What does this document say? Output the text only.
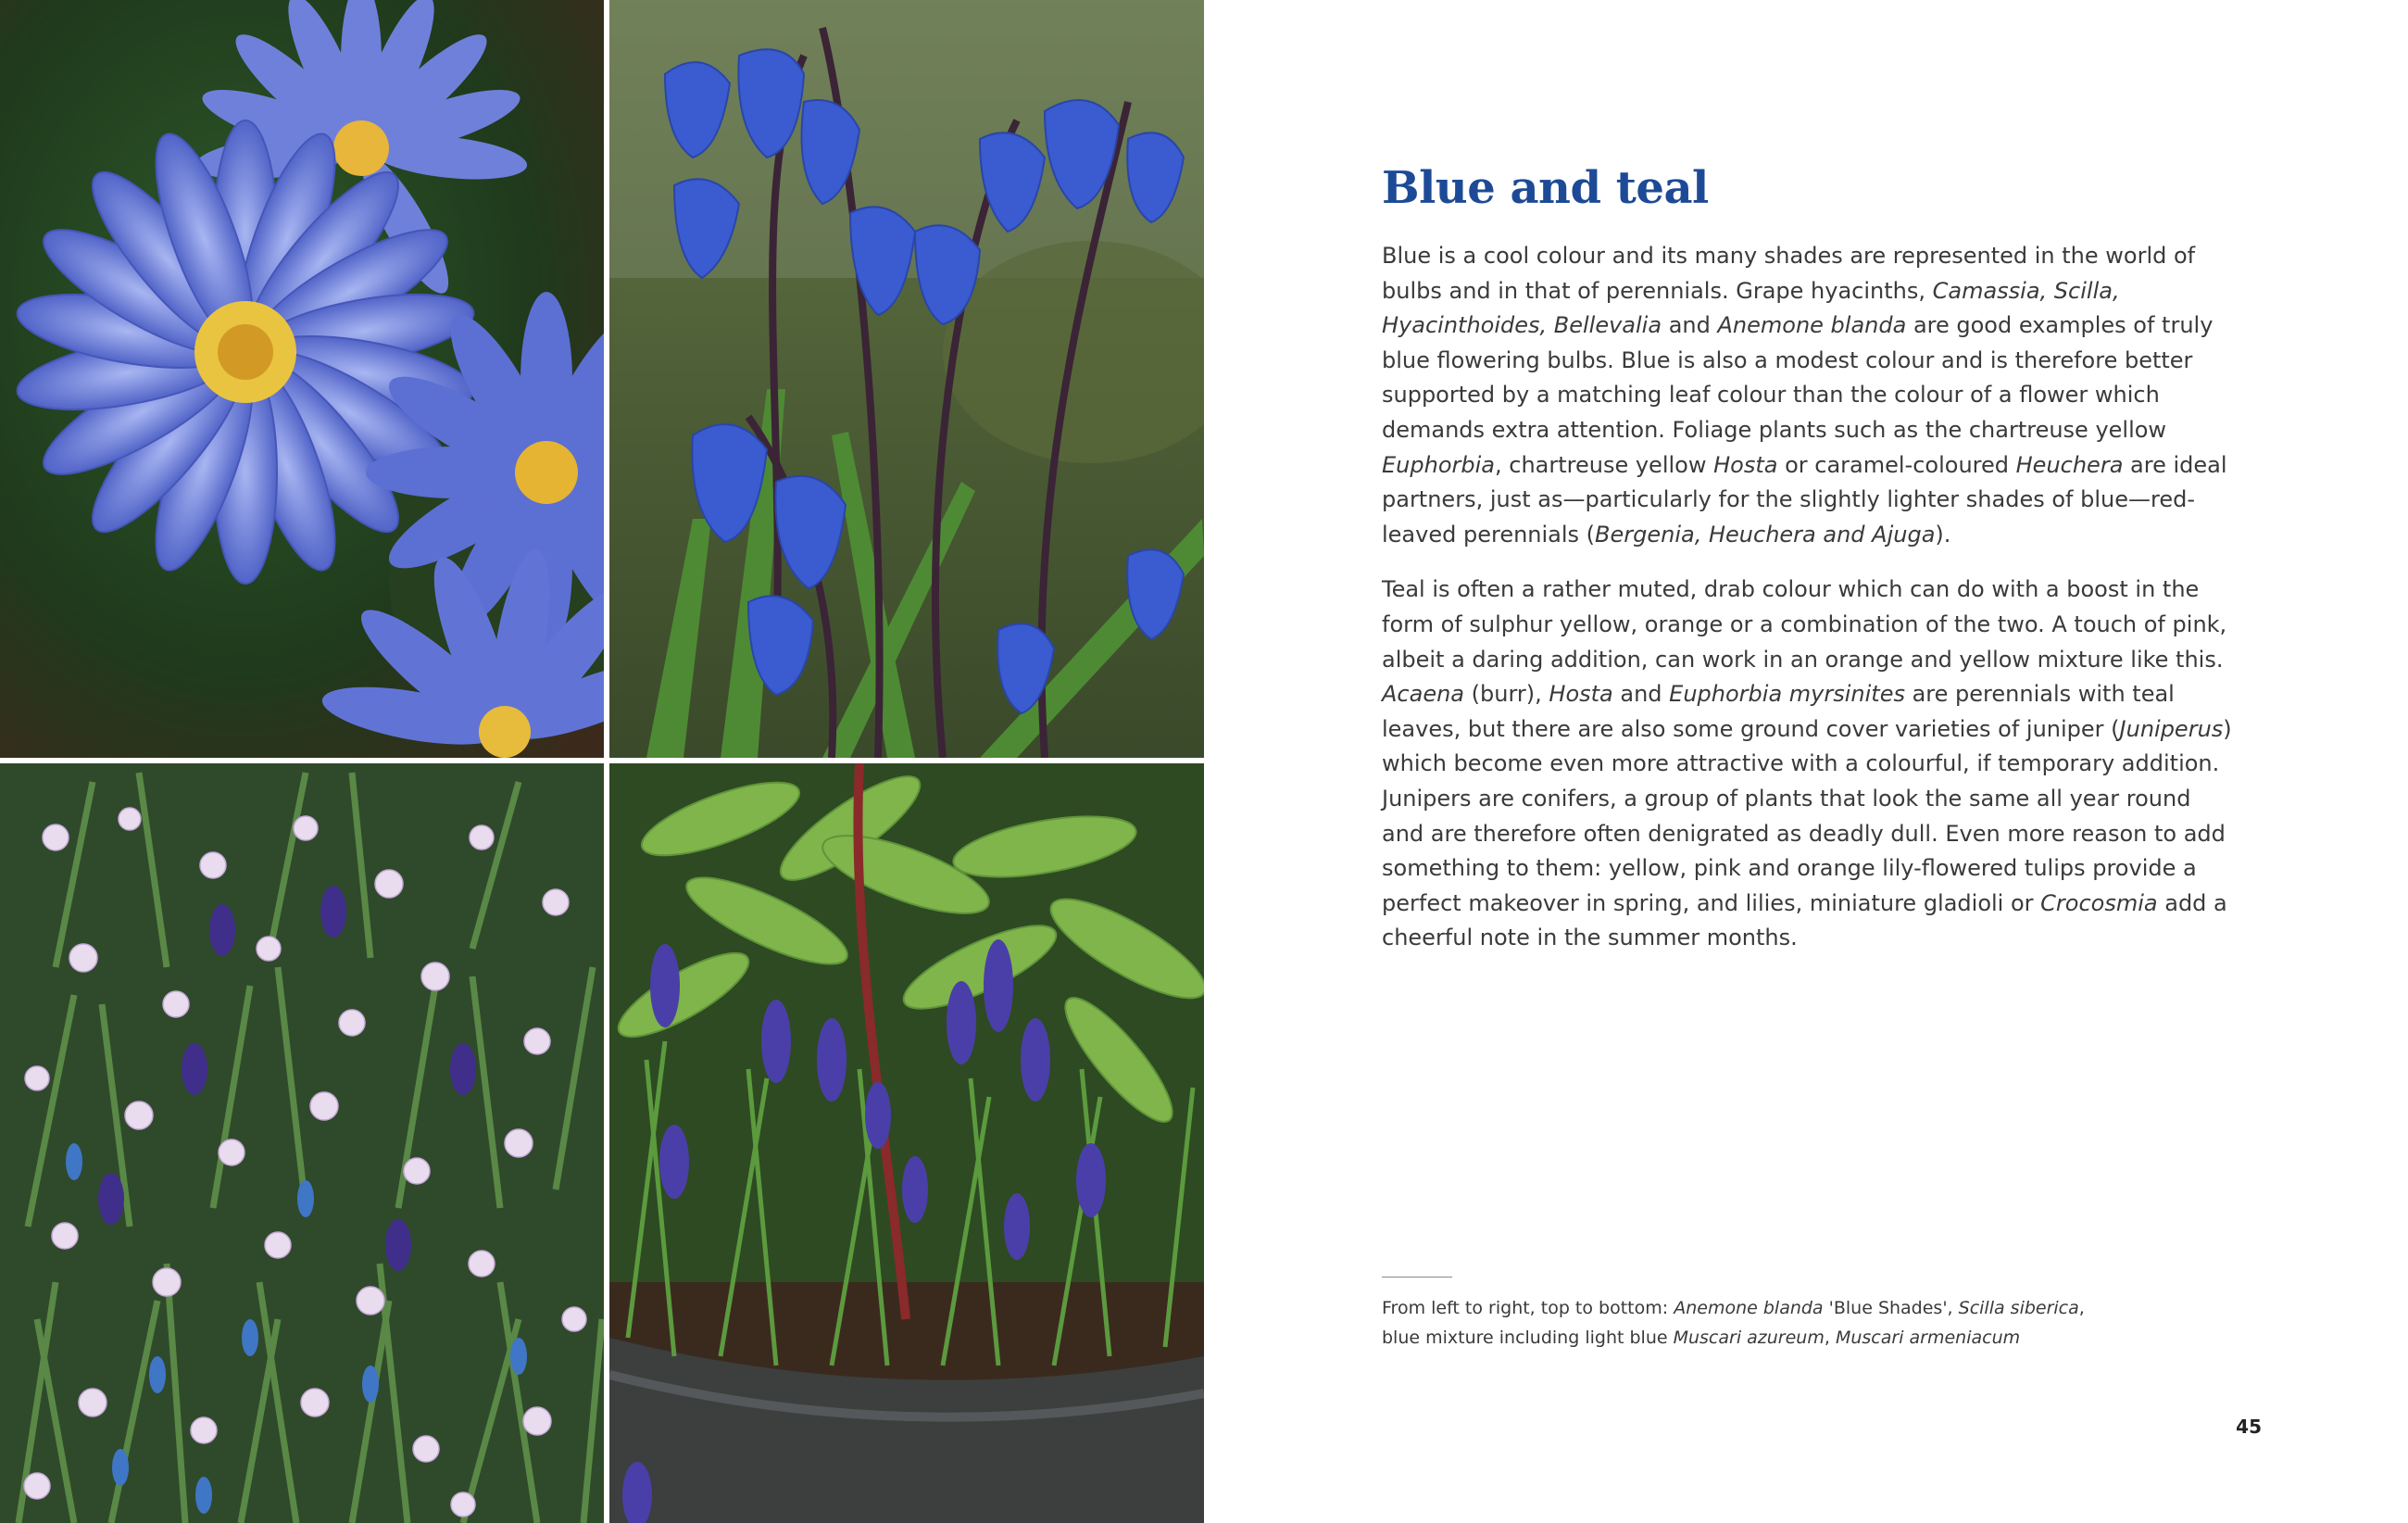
Blue and teal

Blue is a cool colour and its many shades are represented in the world of bulbs and in that of perennials. Grape hyacinths, Camassia, Scilla, Hyacinthoides, Bellevalia and Anemone blanda are good examples of truly blue flowering bulbs. Blue is also a modest colour and is therefore better supported by a matching leaf colour than the colour of a flower which demands extra attention. Foliage plants such as the chartreuse yellow Euphorbia, chartreuse yellow Hosta or caramel-coloured Heuchera are ideal partners, just as—particularly for the slightly lighter shades of blue—red-leaved perennials (Bergenia, Heuchera and Ajuga).

Teal is often a rather muted, drab colour which can do with a boost in the form of sulphur yellow, orange or a combination of the two. A touch of pink, albeit a daring addition, can work in an orange and yellow mixture like this. Acaena (burr), Hosta and Euphorbia myrsinites are perennials with teal leaves, but there are also some ground cover varieties of juniper (Juniperus) which become even more attractive with a colourful, if temporary addition. Junipers are conifers, a group of plants that look the same all year round and are therefore often denigrated as deadly dull. Even more reason to add something to them: yellow, pink and orange lily-flowered tulips provide a perfect makeover in spring, and lilies, miniature gladioli or Crocosmia add a cheerful note in the summer months.

From left to right, top to bottom: Anemone blanda 'Blue Shades', Scilla siberica, blue mixture including light blue Muscari azureum, Muscari armeniacum
45
